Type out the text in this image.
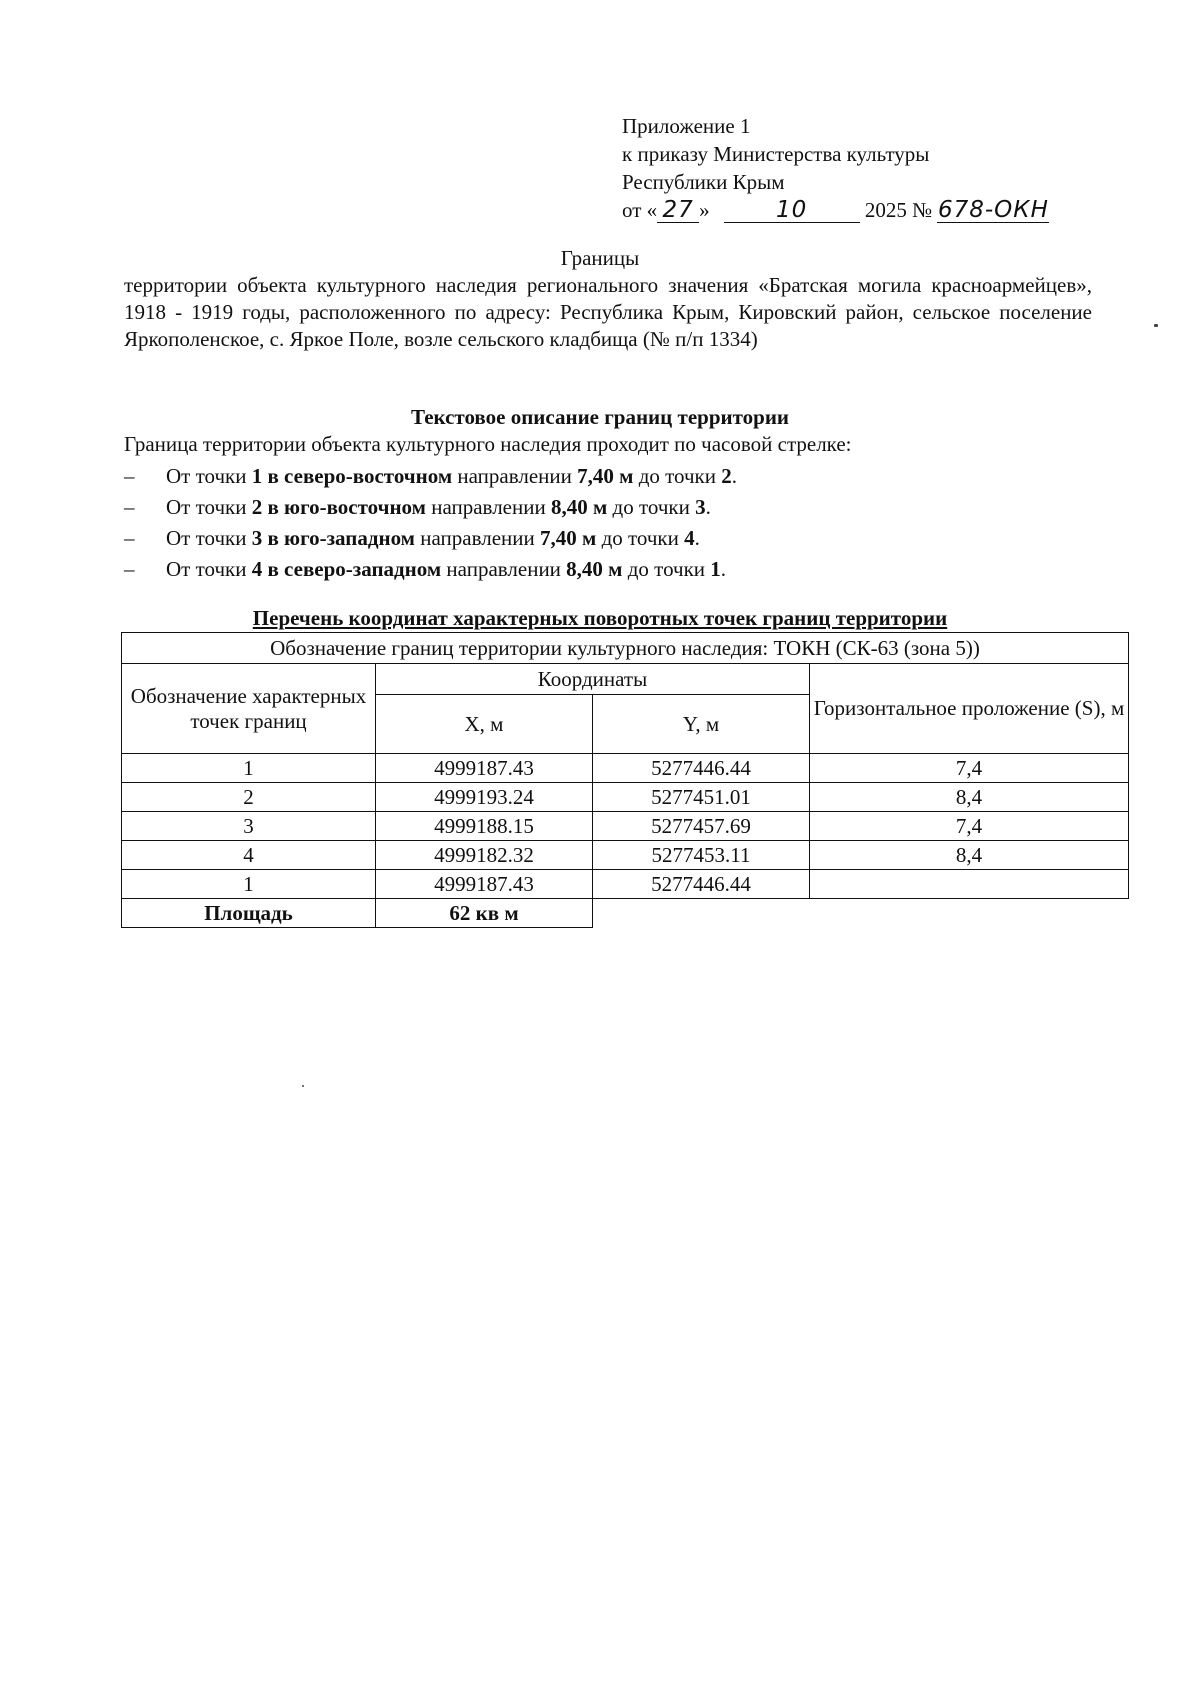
Приложение 1
к приказу Министерства культуры
Республики Крым
от « 27 »	10	2025 № 678-ОКН
Границы
территории объекта культурного наследия регионального значения «Братская могила красноармейцев», 1918 - 1919 годы, расположенного по адресу: Республика Крым, Кировский район, сельское поселение Яркополенское, с. Яркое Поле, возле сельского кладбища (№ п/п 1334)
Текстовое описание границ территории
Граница территории объекта культурного наследия проходит по часовой стрелке:
– От точки 1 в северо-восточном направлении 7,40 м до точки 2.
– От точки 2 в юго-восточном направлении 8,40 м до точки 3.
– От точки 3 в юго-западном направлении 7,40 м до точки 4.
– От точки 4 в северо-западном направлении 8,40 м до точки 1.
Перечень координат характерных поворотных точек границ территории
Обозначение границ территории культурного наследия: ТОКН (СК-63 (зона 5))			
Обозначение характерных точек границ	Координаты		Горизонтальное проложение (S), м
	X, м	Y, м	
1	4999187.43	5277446.44	7,4
2	4999193.24	5277451.01	8,4
3	4999188.15	5277457.69	7,4
4	4999182.32	5277453.11	8,4
1	4999187.43	5277446.44	
Площадь	62 кв м		
